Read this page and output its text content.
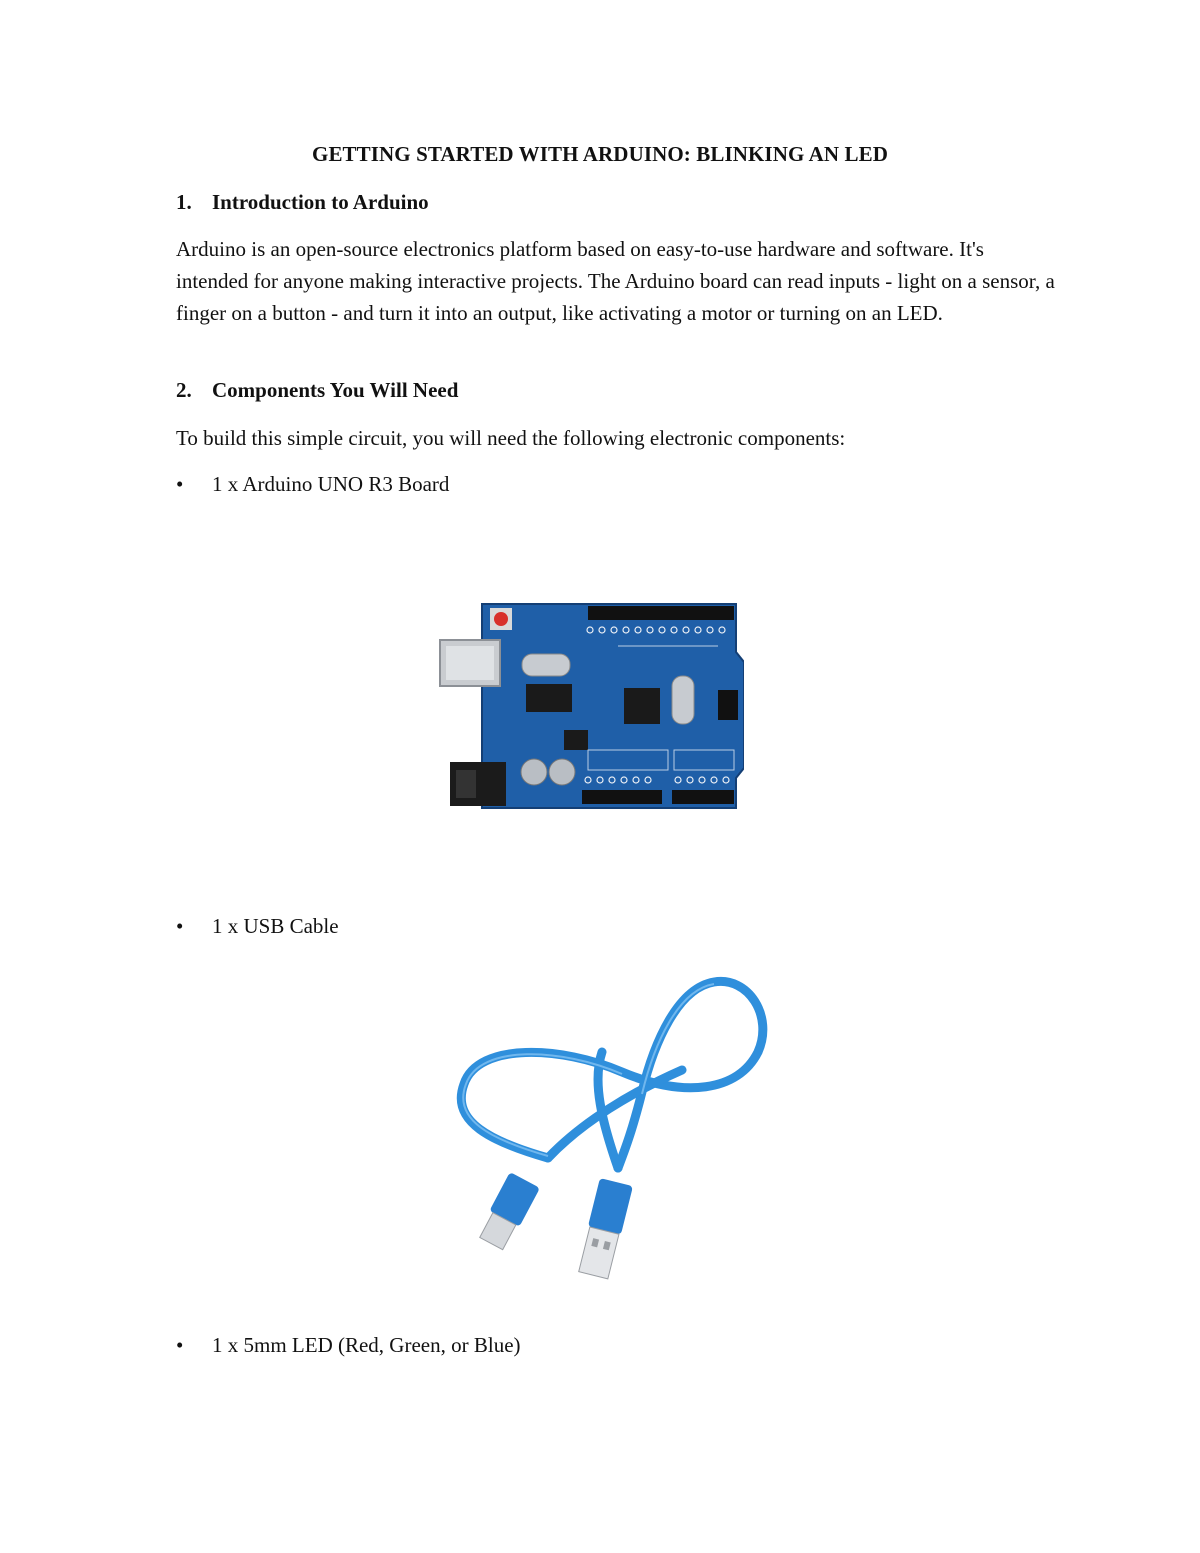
GETTING STARTED WITH ARDUINO: BLINKING AN LED
1. Introduction to Arduino
Arduino is an open-source electronics platform based on easy-to-use hardware and software. It's intended for anyone making interactive projects. The Arduino board can read inputs - light on a sensor, a finger on a button - and turn it into an output, like activating a motor or turning on an LED.
2. Components You Will Need
To build this simple circuit, you will need the following electronic components:
• 1 x Arduino UNO R3 Board
• 1 x USB Cable
• 1 x 5mm LED (Red, Green, or Blue)
